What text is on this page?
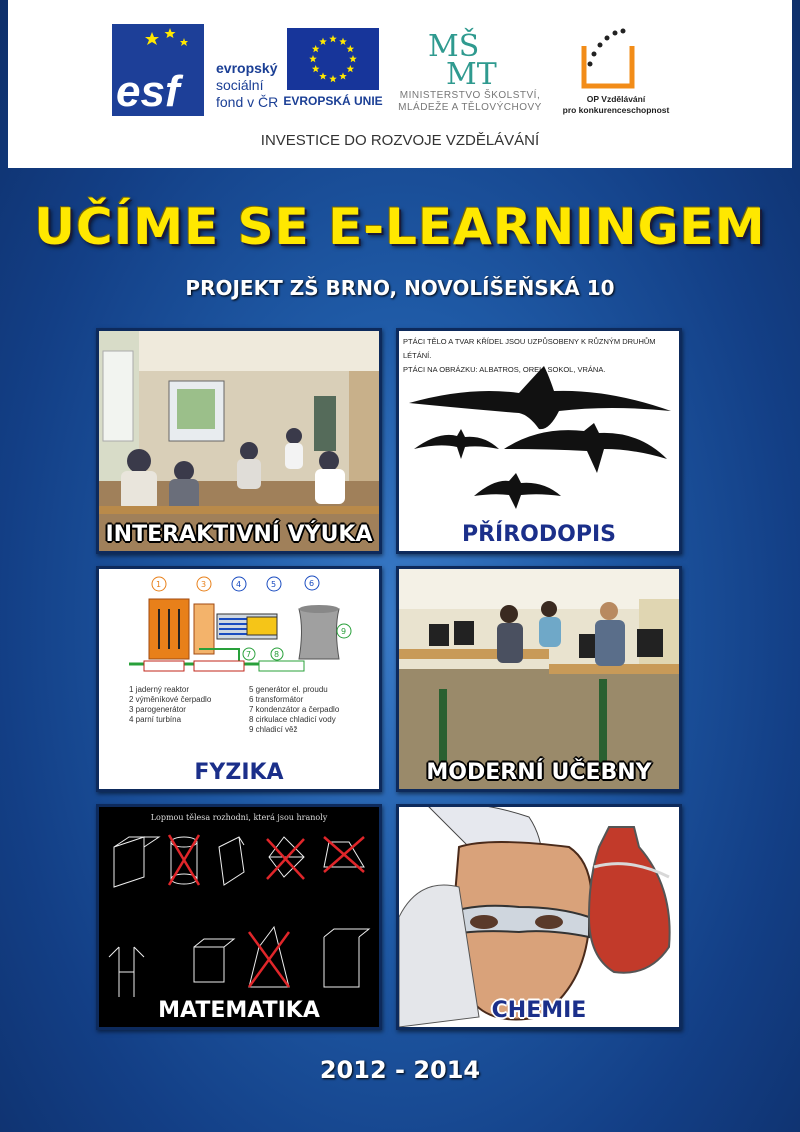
esf	evropský
sociální
fond v ČR EVROPSKÁ UNIE
MŠ
MT
MINISTERSTVO ŠKOLSTVÍ,
MLÁDEŽE A TĚLOVÝCHOVY
OP Vzdělávání
pro konkurenceschopnost
INVESTICE DO ROZVOJE VZDĚLÁVÁNÍ
UČÍME SE E-LEARNINGEM
PROJEKT ZŠ BRNO, NOVOLÍŠEŇSKÁ 10
INTERAKTIVNÍ VÝUKA
PTÁCI TĚLO A TVAR KŘÍDEL JSOU UZPŮSOBENY K RŮZNÝM DRUHŮM LÉTÁNÍ.
PTÁCI NA OBRÁZKU: ALBATROS, OREL, SOKOL, VRÁNA.
PŘÍRODOPIS
1	3	4	5	6
9
7	8
1 jaderný reaktor
2 výměníkové čerpadlo
3 parogenerátor
4 parní turbína
5 generátor el. proudu
6 transformátor
7 kondenzátor a čerpadlo
8 cirkulace chladicí vody
9 chladicí věž
FYZIKA	MODERNÍ UČEBNY
Lopmou tělesa rozhodni, která jsou hranoly
MATEMATIKA	CHEMIE
2012 - 2014
